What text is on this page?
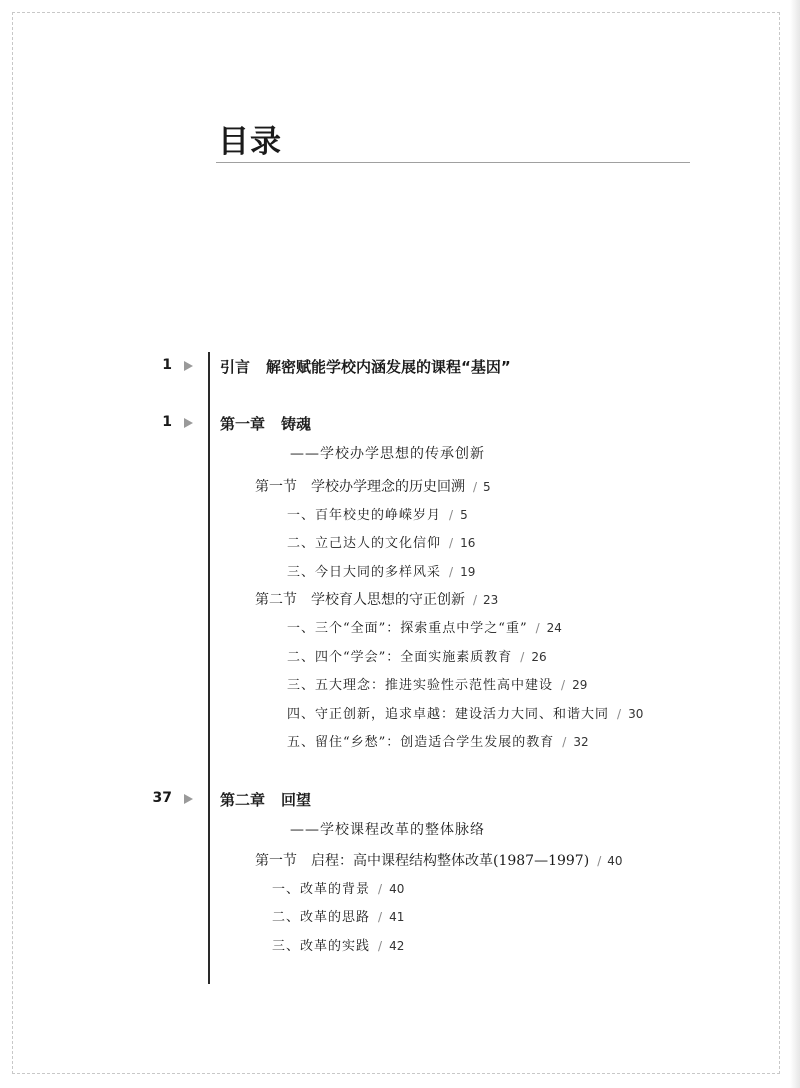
目录
1	引言 解密赋能学校内涵发展的课程“基因”
1	第一章 铸魂
——学校办学思想的传承创新
第一节 学校办学理念的历史回溯 / 5
一、百年校史的峥嵘岁月 / 5
二、立己达人的文化信仰 / 16
三、今日大同的多样风采 / 19
第二节 学校育人思想的守正创新 / 23
一、三个“全面”：探索重点中学之“重” / 24
二、四个“学会”：全面实施素质教育 / 26
三、五大理念：推进实验性示范性高中建设 / 29
四、守正创新，追求卓越：建设活力大同、和谐大同 / 30
五、留住“乡愁”：创造适合学生发展的教育 / 32
37	第二章 回望
——学校课程改革的整体脉络
第一节 启程：高中课程结构整体改革(1987—1997) / 40
一、改革的背景 / 40
二、改革的思路 / 41
三、改革的实践 / 42
